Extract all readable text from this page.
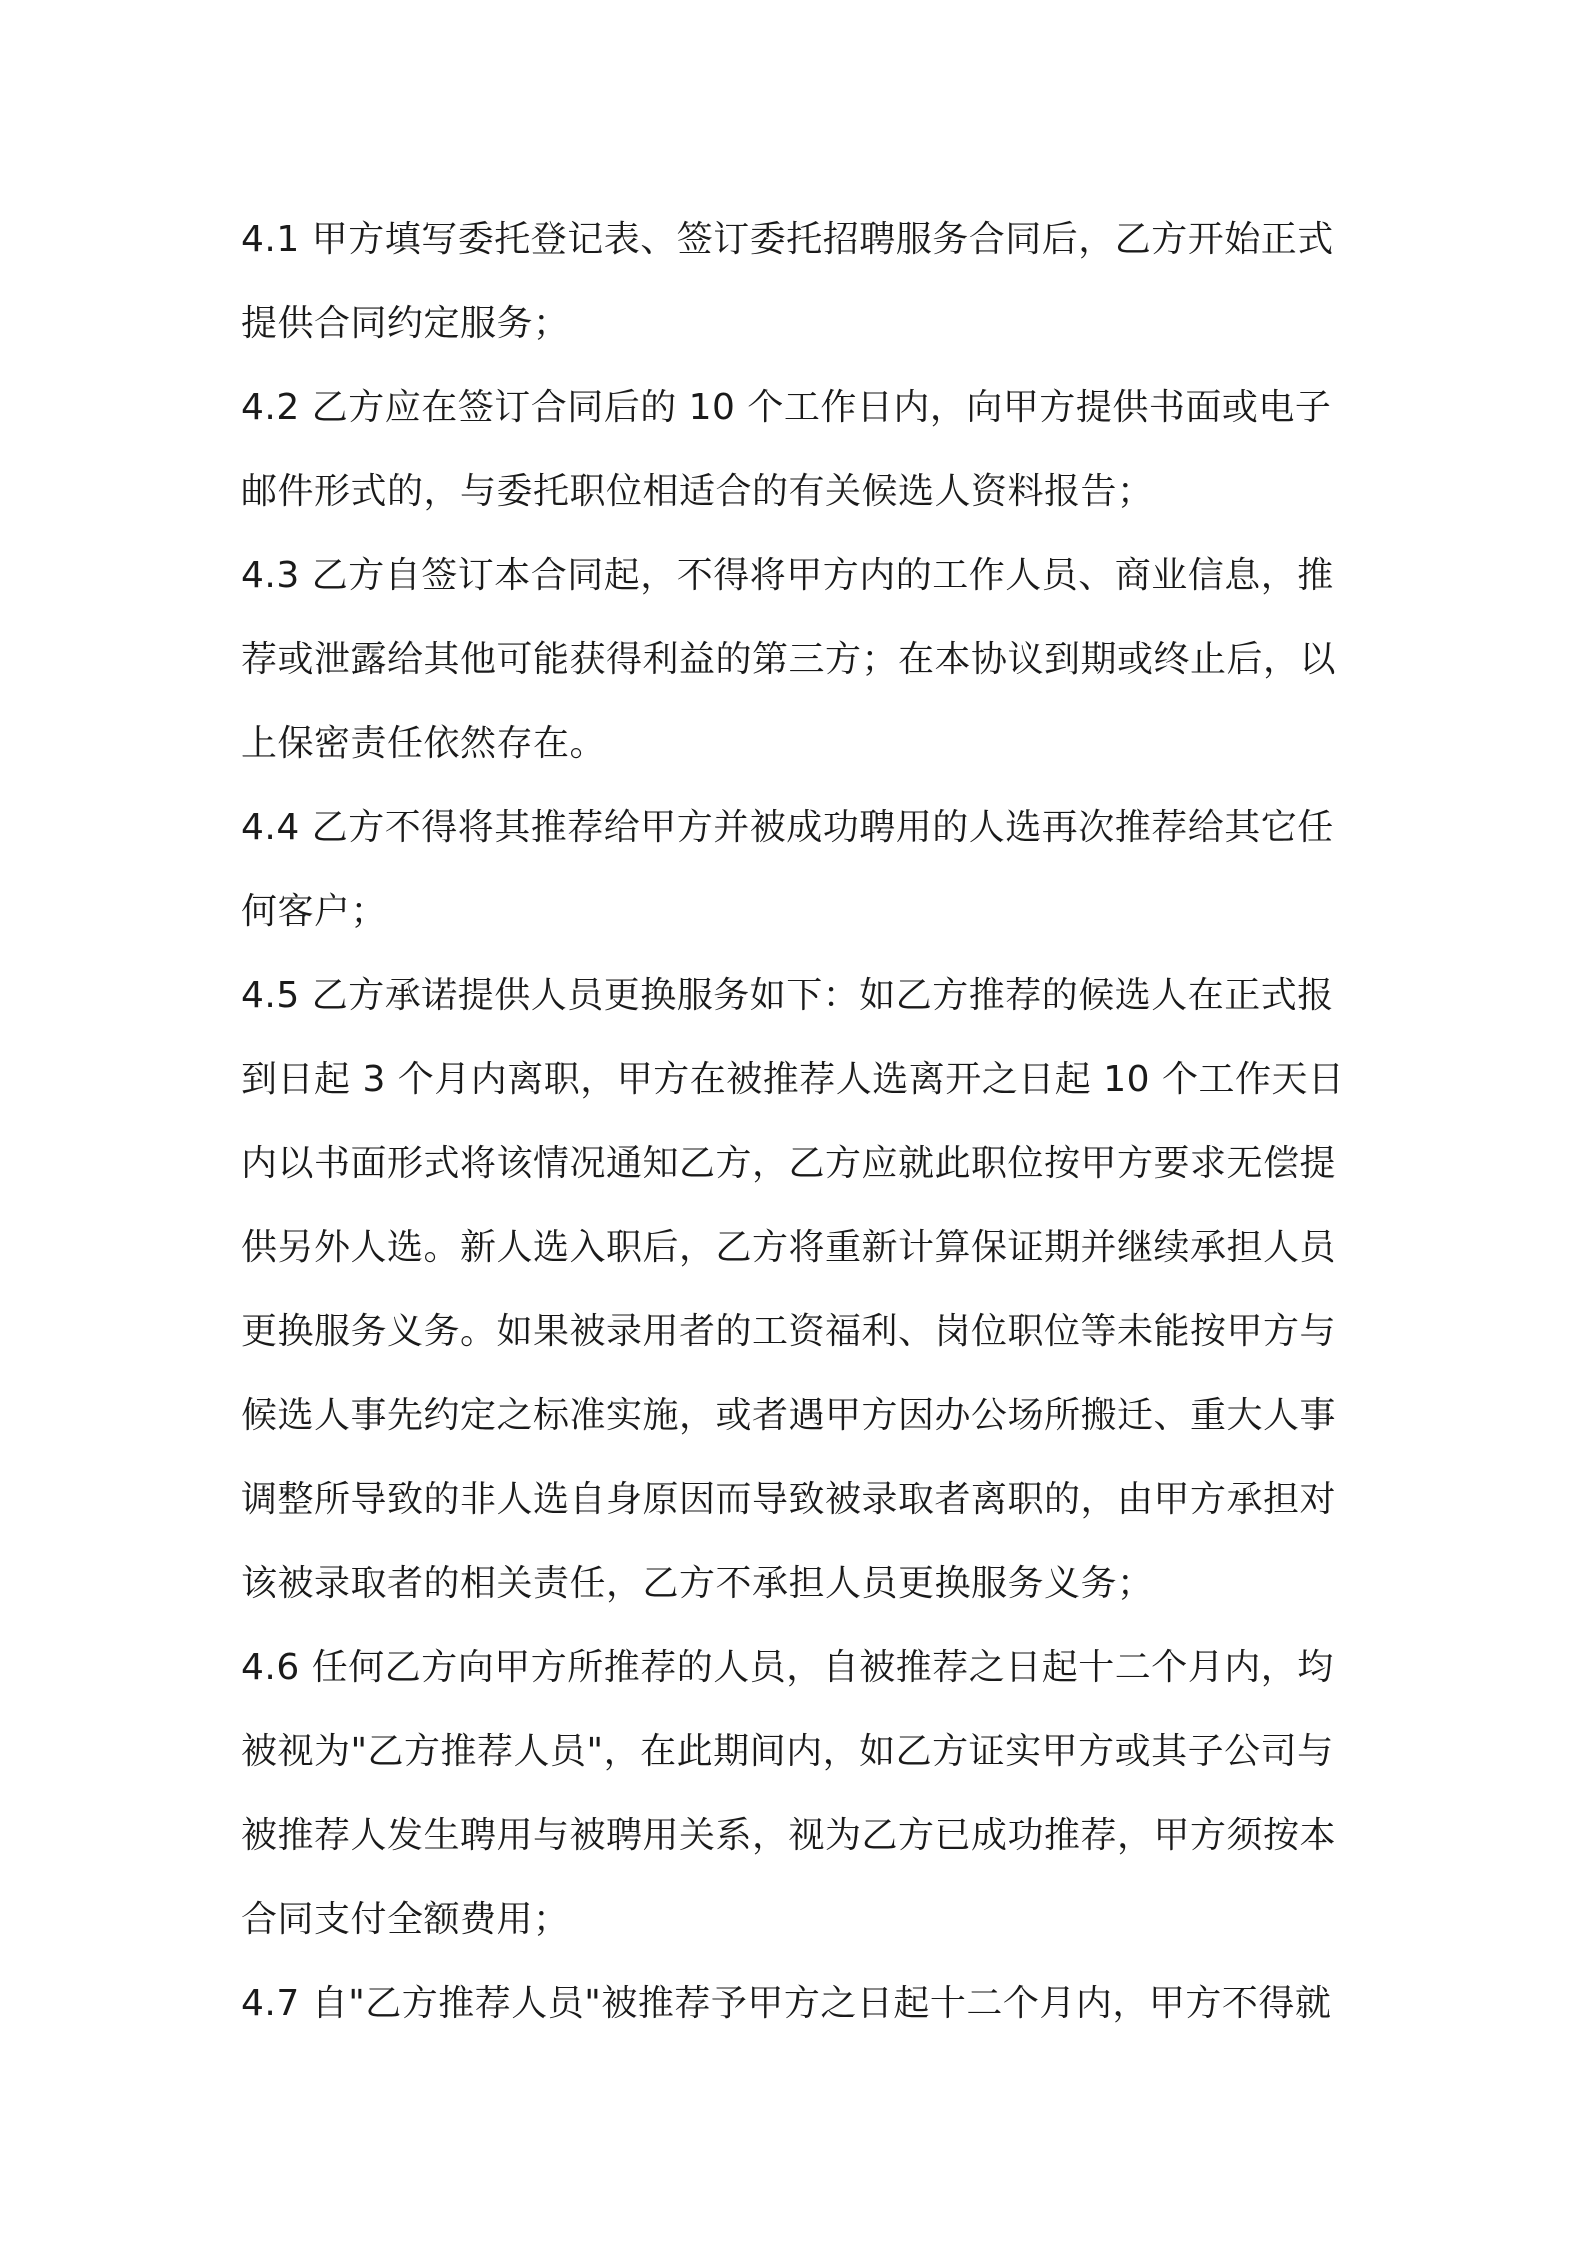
4.1 甲方填写委托登记表、签订委托招聘服务合同后，乙方开始正式
提供合同约定服务；
4.2 乙方应在签订合同后的 10 个工作日内，向甲方提供书面或电子
邮件形式的，与委托职位相适合的有关候选人资料报告；
4.3 乙方自签订本合同起，不得将甲方内的工作人员、商业信息，推
荐或泄露给其他可能获得利益的第三方；在本协议到期或终止后，以
上保密责任依然存在。
4.4 乙方不得将其推荐给甲方并被成功聘用的人选再次推荐给其它任
何客户；
4.5 乙方承诺提供人员更换服务如下：如乙方推荐的候选人在正式报
到日起 3 个月内离职，甲方在被推荐人选离开之日起 10 个工作天日
内以书面形式将该情况通知乙方，乙方应就此职位按甲方要求无偿提
供另外人选。新人选入职后，乙方将重新计算保证期并继续承担人员
更换服务义务。如果被录用者的工资福利、岗位职位等未能按甲方与
候选人事先约定之标准实施，或者遇甲方因办公场所搬迁、重大人事
调整所导致的非人选自身原因而导致被录取者离职的，由甲方承担对
该被录取者的相关责任，乙方不承担人员更换服务义务；
4.6 任何乙方向甲方所推荐的人员，自被推荐之日起十二个月内，均
被视为"乙方推荐人员"，在此期间内，如乙方证实甲方或其子公司与
被推荐人发生聘用与被聘用关系，视为乙方已成功推荐，甲方须按本
合同支付全额费用；
4.7 自"乙方推荐人员"被推荐予甲方之日起十二个月内，甲方不得就
